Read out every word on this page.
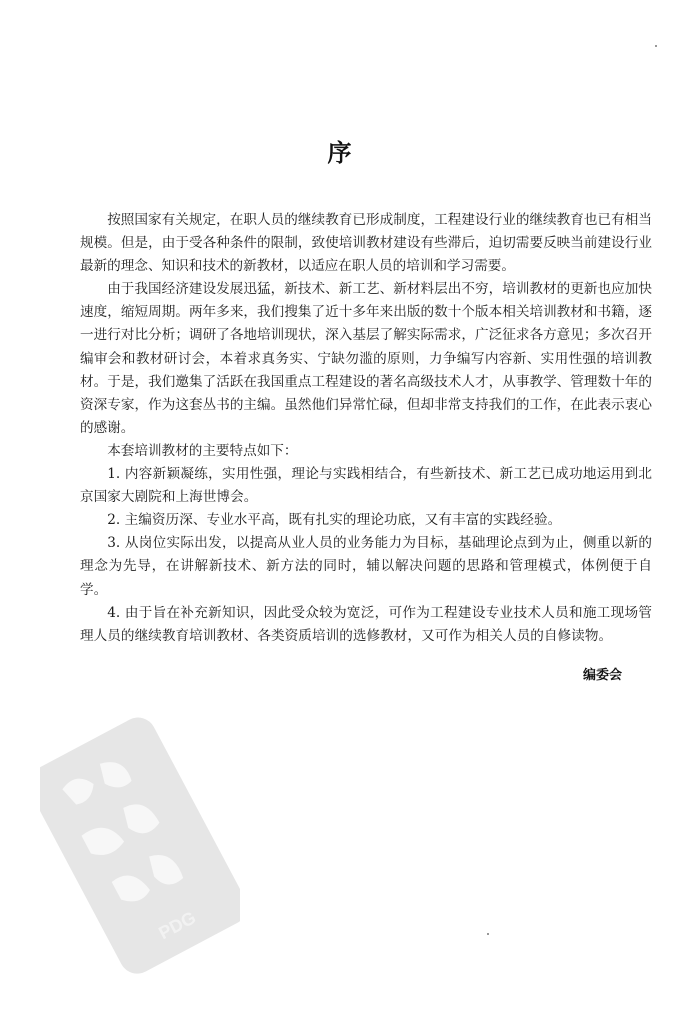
序

按照国家有关规定，在职人员的继续教育已形成制度，工程建设行业的继续教育也已有相当规模。但是，由于受各种条件的限制，致使培训教材建设有些滞后，迫切需要反映当前建设行业最新的理念、知识和技术的新教材，以适应在职人员的培训和学习需要。

由于我国经济建设发展迅猛，新技术、新工艺、新材料层出不穷，培训教材的更新也应加快速度，缩短周期。两年多来，我们搜集了近十多年来出版的数十个版本相关培训教材和书籍，逐一进行对比分析；调研了各地培训现状，深入基层了解实际需求，广泛征求各方意见；多次召开编审会和教材研讨会，本着求真务实、宁缺勿滥的原则，力争编写内容新、实用性强的培训教材。于是，我们邀集了活跃在我国重点工程建设的著名高级技术人才，从事教学、管理数十年的资深专家，作为这套丛书的主编。虽然他们异常忙碌，但却非常支持我们的工作，在此表示衷心的感谢。

本套培训教材的主要特点如下：

1. 内容新颖凝练，实用性强，理论与实践相结合，有些新技术、新工艺已成功地运用到北京国家大剧院和上海世博会。

2. 主编资历深、专业水平高，既有扎实的理论功底，又有丰富的实践经验。

3. 从岗位实际出发，以提高从业人员的业务能力为目标，基础理论点到为止，侧重以新的理念为先导，在讲解新技术、新方法的同时，辅以解决问题的思路和管理模式，体例便于自学。

4. 由于旨在补充新知识，因此受众较为宽泛，可作为工程建设专业技术人员和施工现场管理人员的继续教育培训教材、各类资质培训的选修教材，又可作为相关人员的自修读物。

编委会
PDG
